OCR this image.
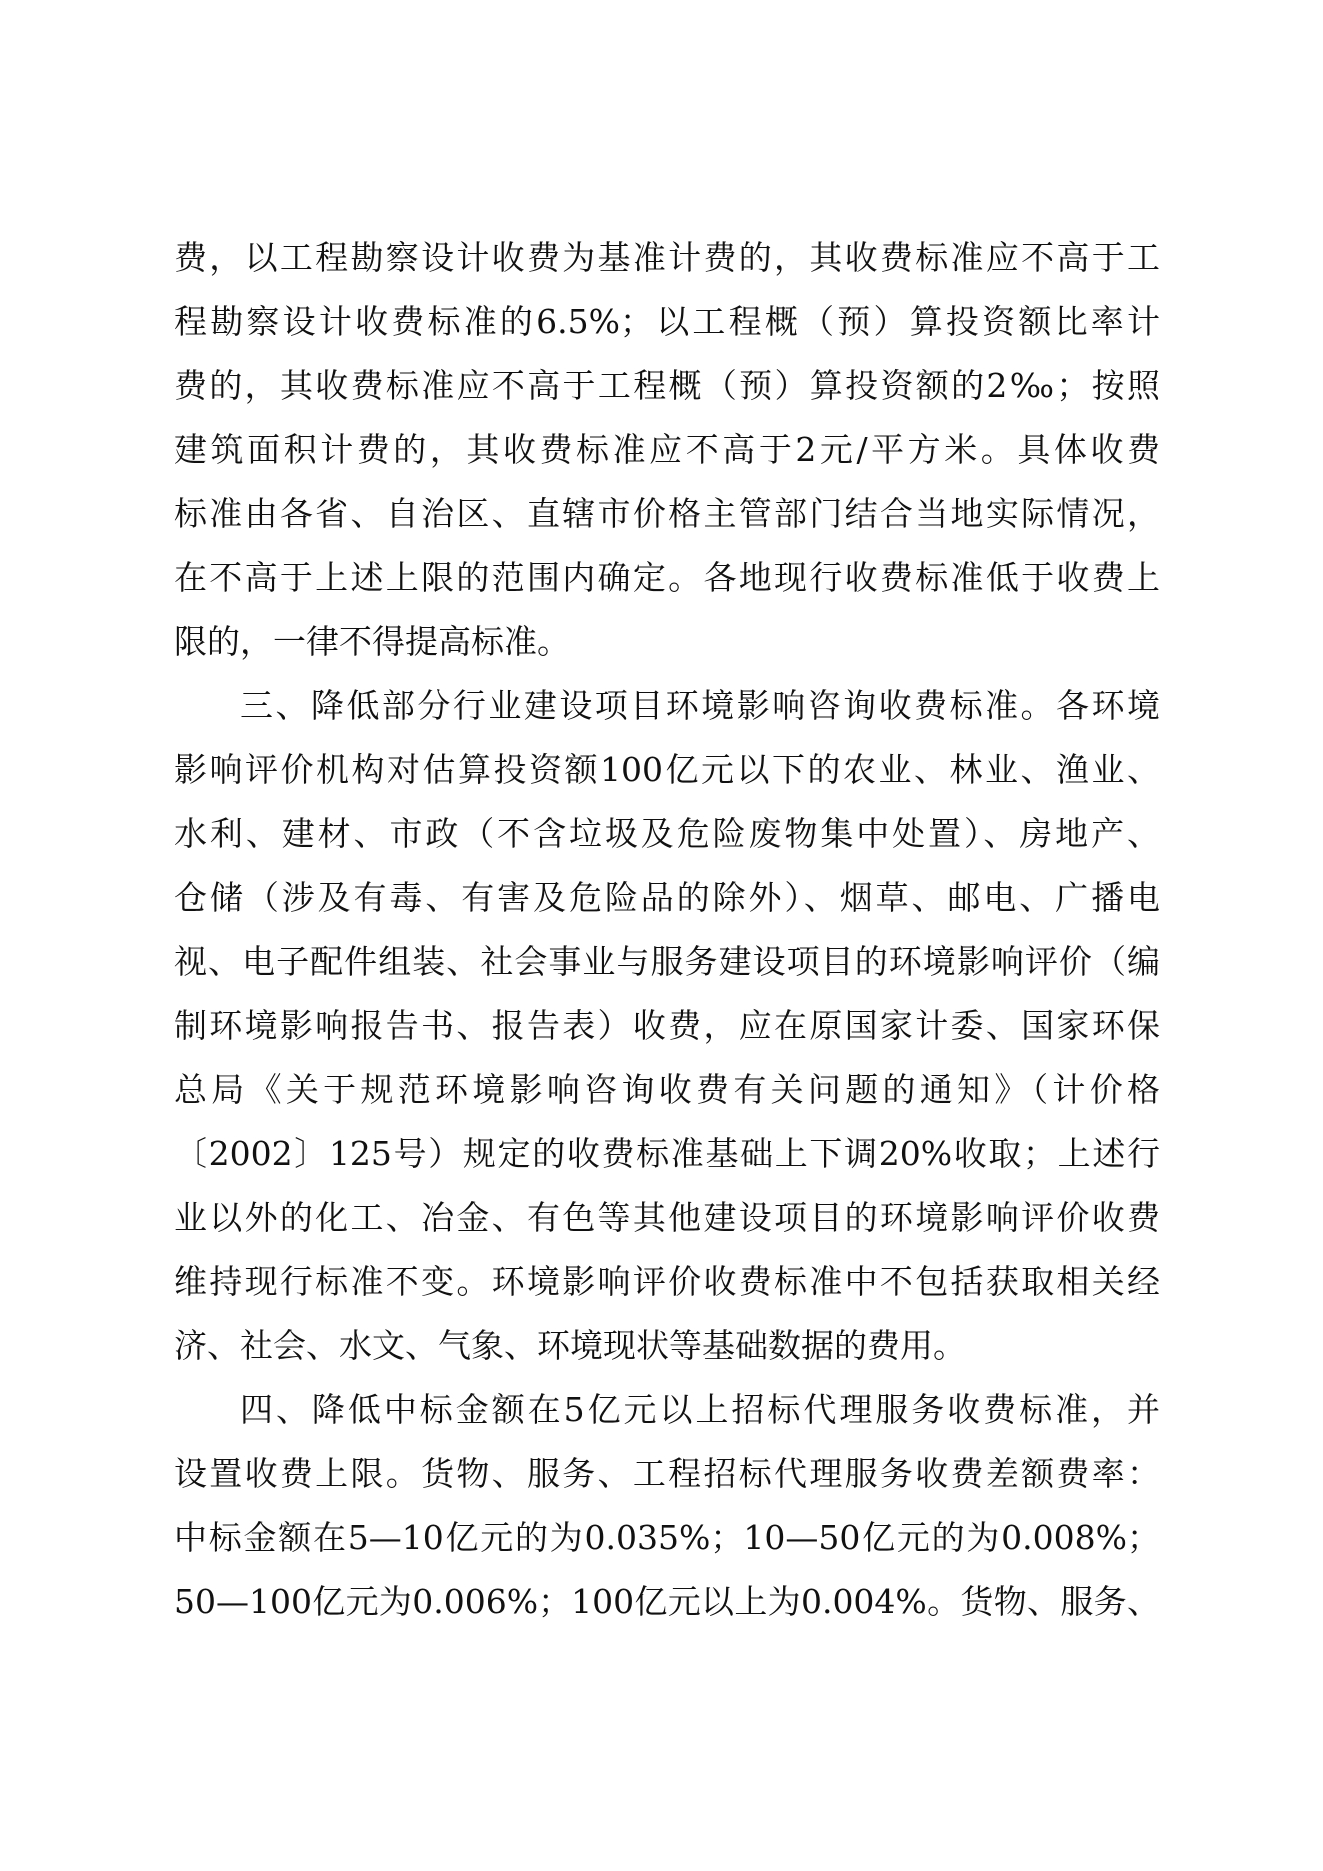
费，以工程勘察设计收费为基准计费的，其收费标准应不高于工
程勘察设计收费标准的6.5%；以工程概（预）算投资额比率计
费的，其收费标准应不高于工程概（预）算投资额的2‰；按照
建筑面积计费的，其收费标准应不高于2元/平方米。具体收费
标准由各省、自治区、直辖市价格主管部门结合当地实际情况，
在不高于上述上限的范围内确定。各地现行收费标准低于收费上
限的，一律不得提高标准。
三、降低部分行业建设项目环境影响咨询收费标准。各环境
影响评价机构对估算投资额100亿元以下的农业、林业、渔业、
水利、建材、市政（不含垃圾及危险废物集中处置）、房地产、
仓储（涉及有毒、有害及危险品的除外）、烟草、邮电、广播电
视、电子配件组装、社会事业与服务建设项目的环境影响评价（编
制环境影响报告书、报告表）收费，应在原国家计委、国家环保
总局《关于规范环境影响咨询收费有关问题的通知》（计价格
〔2002〕125号）规定的收费标准基础上下调20%收取；上述行
业以外的化工、冶金、有色等其他建设项目的环境影响评价收费
维持现行标准不变。环境影响评价收费标准中不包括获取相关经
济、社会、水文、气象、环境现状等基础数据的费用。
四、降低中标金额在5亿元以上招标代理服务收费标准，并
设置收费上限。货物、服务、工程招标代理服务收费差额费率：
中标金额在5—10亿元的为0.035%；10—50亿元的为0.008%；
50—100亿元为0.006%；100亿元以上为0.004%。货物、服务、
